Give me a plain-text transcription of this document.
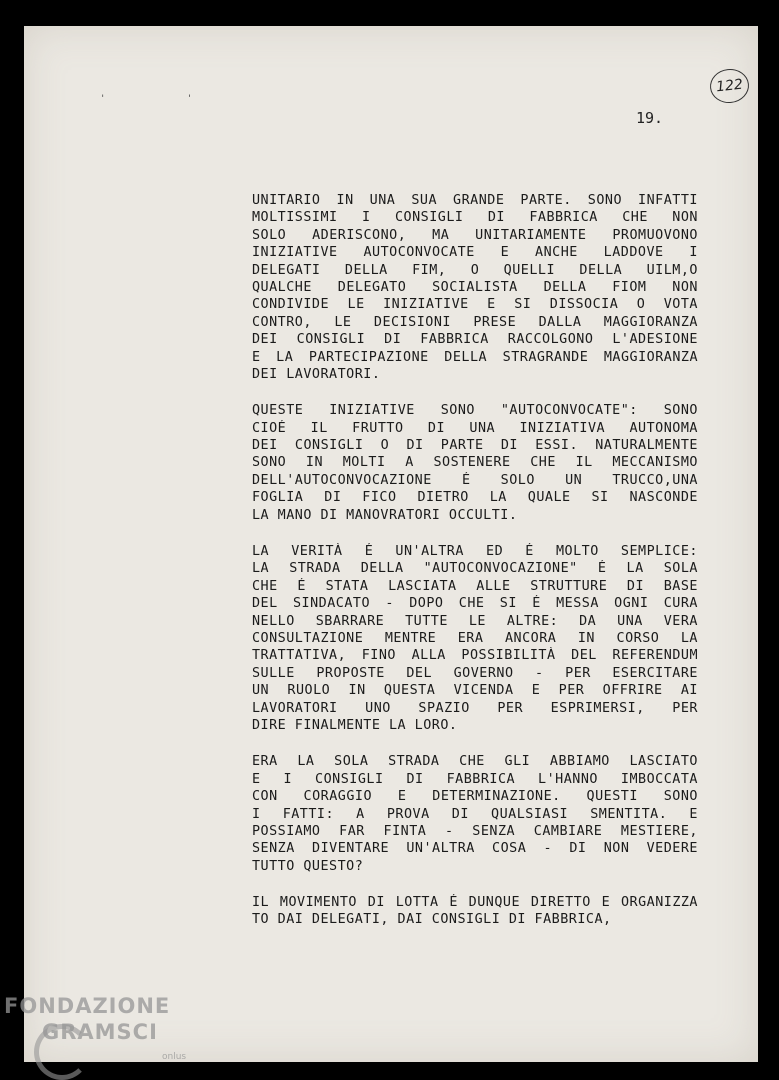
' '
122
19.
UNITARIO IN UNA SUA GRANDE PARTE. SONO INFATTI
MOLTISSIMI I CONSIGLI DI FABBRICA CHE NON
SOLO ADERISCONO, MA UNITARIAMENTE PROMUOVONO
INIZIATIVE AUTOCONVOCATE E ANCHE LADDOVE I
DELEGATI DELLA FIM, O QUELLI DELLA UILM,O
QUALCHE DELEGATO SOCIALISTA DELLA FIOM NON
CONDIVIDE LE INIZIATIVE E SI DISSOCIA O VOTA
CONTRO, LE DECISIONI PRESE DALLA MAGGIORANZA
DEI CONSIGLI DI FABBRICA RACCOLGONO L'ADESIONE
E LA PARTECIPAZIONE DELLA STRAGRANDE MAGGIORANZA
DEI LAVORATORI.
QUESTE INIZIATIVE SONO "AUTOCONVOCATE": SONO
CIOÉ IL FRUTTO DI UNA INIZIATIVA AUTONOMA
DEI CONSIGLI O DI PARTE DI ESSI. NATURALMENTE
SONO IN MOLTI A SOSTENERE CHE IL MECCANISMO
DELL'AUTOCONVOCAZIONE É SOLO UN TRUCCO,UNA
FOGLIA DI FICO DIETRO LA QUALE SI NASCONDE
LA MANO DI MANOVRATORI OCCULTI.
LA VERITÀ É UN'ALTRA ED É MOLTO SEMPLICE:
LA STRADA DELLA "AUTOCONVOCAZIONE" É LA SOLA
CHE É STATA LASCIATA ALLE STRUTTURE DI BASE
DEL SINDACATO - DOPO CHE SI É MESSA OGNI CURA
NELLO SBARRARE TUTTE LE ALTRE: DA UNA VERA
CONSULTAZIONE MENTRE ERA ANCORA IN CORSO LA
TRATTATIVA, FINO ALLA POSSIBILITÀ DEL REFERENDUM
SULLE PROPOSTE DEL GOVERNO - PER ESERCITARE
UN RUOLO IN QUESTA VICENDA E PER OFFRIRE AI
LAVORATORI UNO SPAZIO PER ESPRIMERSI, PER
DIRE FINALMENTE LA LORO.
ERA LA SOLA STRADA CHE GLI ABBIAMO LASCIATO
E I CONSIGLI DI FABBRICA L'HANNO IMBOCCATA
CON CORAGGIO E DETERMINAZIONE. QUESTI SONO
I FATTI: A PROVA DI QUALSIASI SMENTITA. E
POSSIAMO FAR FINTA - SENZA CAMBIARE MESTIERE,
SENZA DIVENTARE UN'ALTRA COSA - DI NON VEDERE
TUTTO QUESTO?
IL MOVIMENTO DI LOTTA É DUNQUE DIRETTO E ORGANIZZA
TO DAI DELEGATI, DAI CONSIGLI DI FABBRICA,
FONDAZIONE
GRAMSCI
onlus
